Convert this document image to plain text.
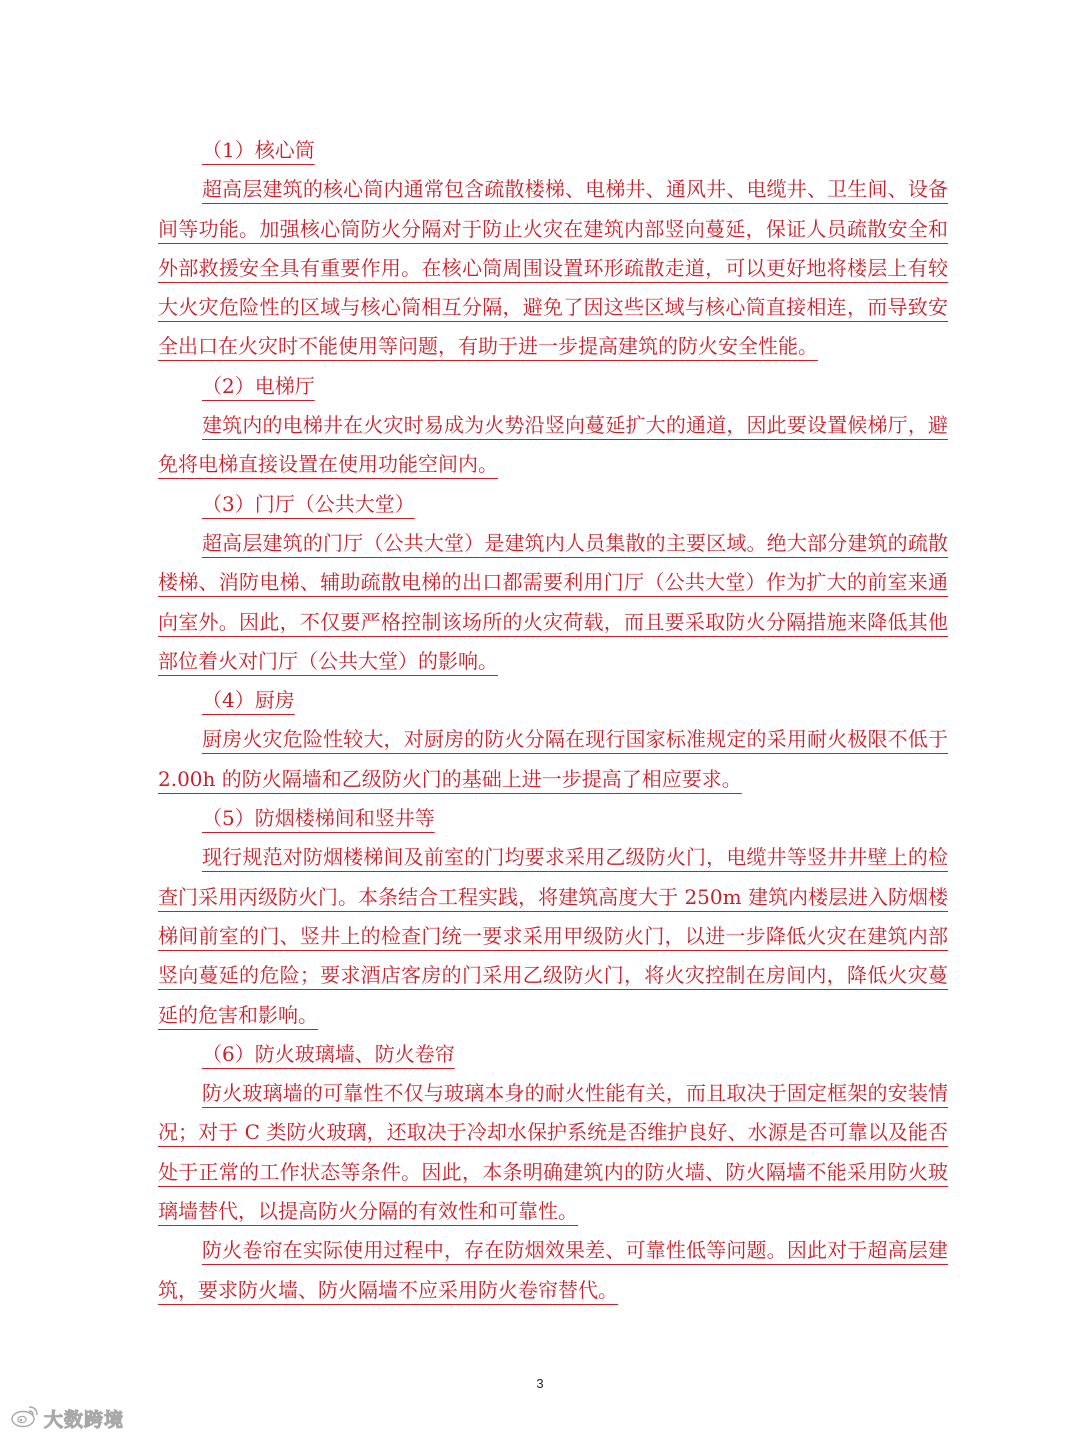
（1）核心筒

超高层建筑的核心筒内通常包含疏散楼梯、电梯井、通风井、电缆井、卫生间、设备间等功能。加强核心筒防火分隔对于防止火灾在建筑内部竖向蔓延，保证人员疏散安全和外部救援安全具有重要作用。在核心筒周围设置环形疏散走道，可以更好地将楼层上有较大火灾危险性的区域与核心筒相互分隔，避免了因这些区域与核心筒直接相连，而导致安全出口在火灾时不能使用等问题，有助于进一步提高建筑的防火安全性能。

（2）电梯厅

建筑内的电梯井在火灾时易成为火势沿竖向蔓延扩大的通道，因此要设置候梯厅，避免将电梯直接设置在使用功能空间内。

（3）门厅（公共大堂）

超高层建筑的门厅（公共大堂）是建筑内人员集散的主要区域。绝大部分建筑的疏散楼梯、消防电梯、辅助疏散电梯的出口都需要利用门厅（公共大堂）作为扩大的前室来通向室外。因此，不仅要严格控制该场所的火灾荷载，而且要采取防火分隔措施来降低其他部位着火对门厅（公共大堂）的影响。

（4）厨房

厨房火灾危险性较大，对厨房的防火分隔在现行国家标准规定的采用耐火极限不低于 2.00h 的防火隔墙和乙级防火门的基础上进一步提高了相应要求。

（5）防烟楼梯间和竖井等

现行规范对防烟楼梯间及前室的门均要求采用乙级防火门，电缆井等竖井井壁上的检查门采用丙级防火门。本条结合工程实践，将建筑高度大于 250m 建筑内楼层进入防烟楼梯间前室的门、竖井上的检查门统一要求采用甲级防火门，以进一步降低火灾在建筑内部竖向蔓延的危险；要求酒店客房的门采用乙级防火门，将火灾控制在房间内，降低火灾蔓延的危害和影响。

（6）防火玻璃墙、防火卷帘

防火玻璃墙的可靠性不仅与玻璃本身的耐火性能有关，而且取决于固定框架的安装情况；对于 C 类防火玻璃，还取决于冷却水保护系统是否维护良好、水源是否可靠以及能否处于正常的工作状态等条件。因此，本条明确建筑内的防火墙、防火隔墙不能采用防火玻璃墙替代，以提高防火分隔的有效性和可靠性。

防火卷帘在实际使用过程中，存在防烟效果差、可靠性低等问题。因此对于超高层建筑，要求防火墙、防火隔墙不应采用防火卷帘替代。

3
大数跨境
